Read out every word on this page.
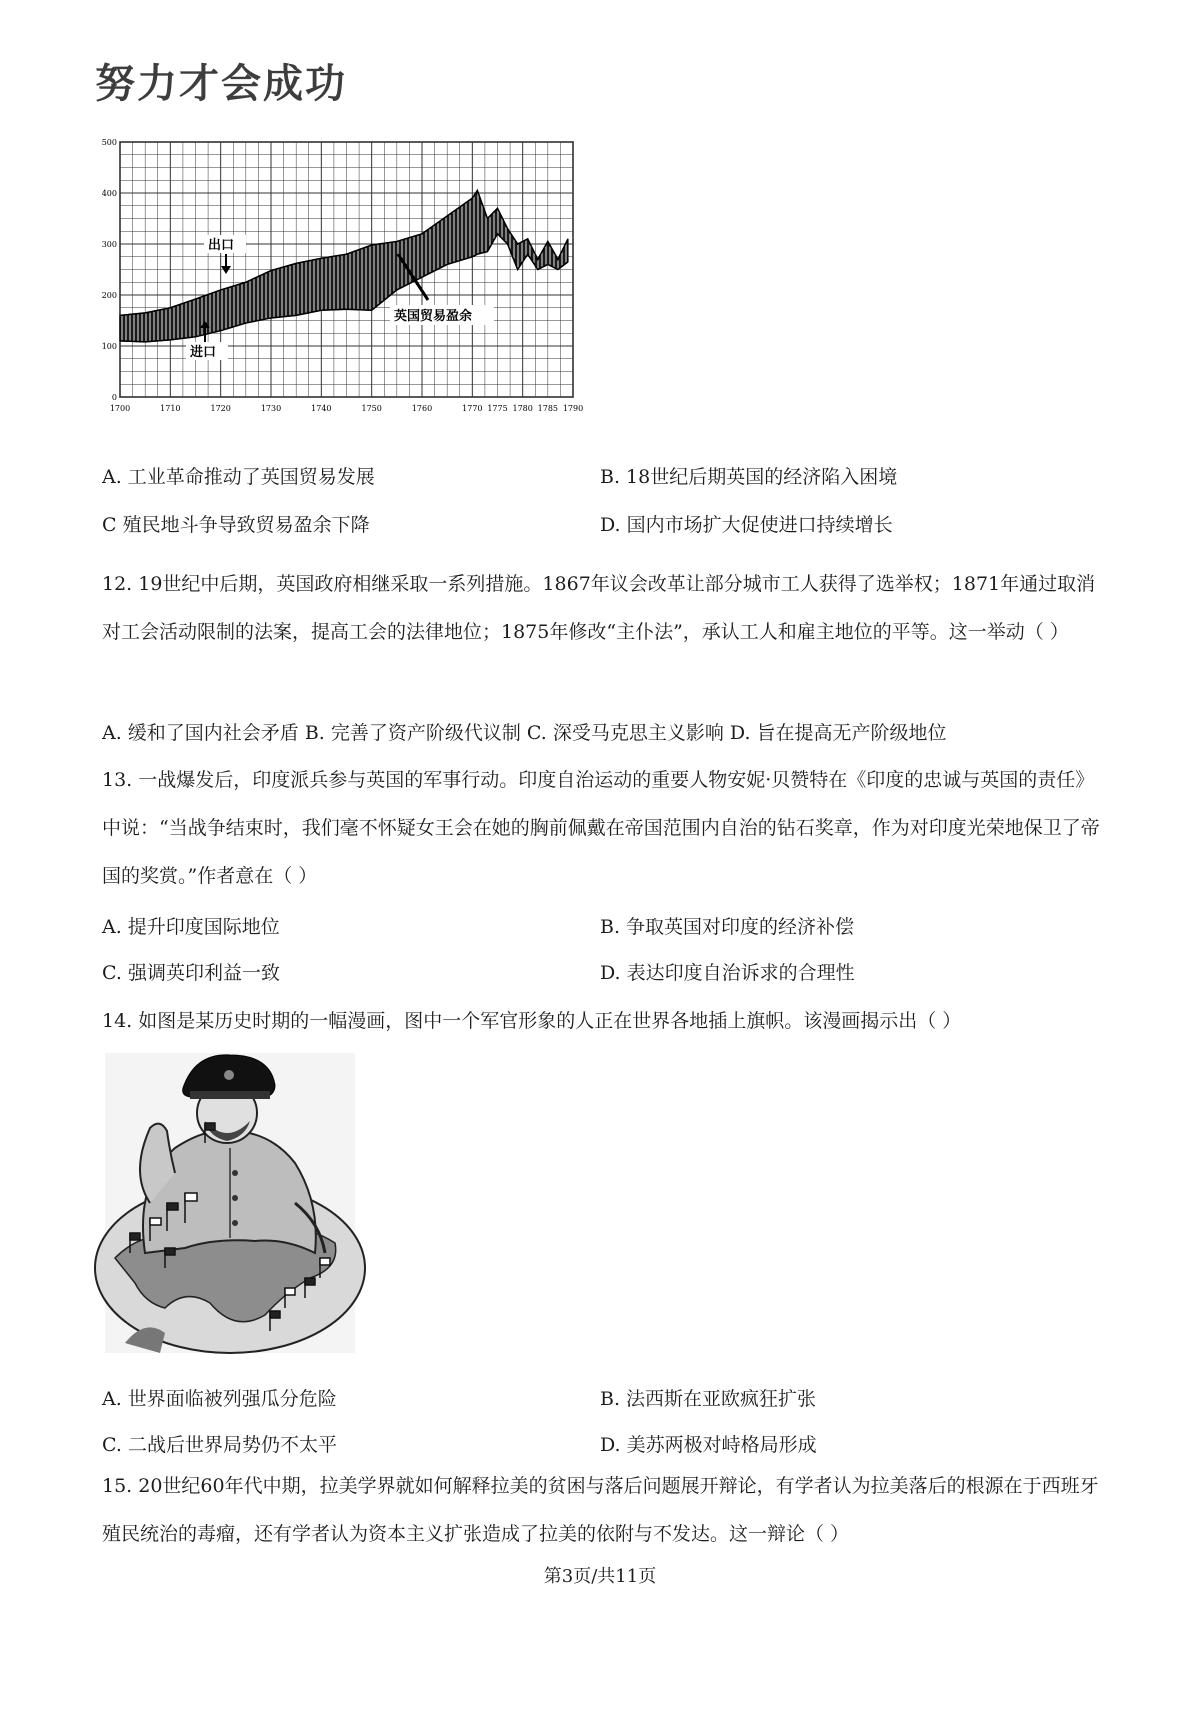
努力才会成功
0
100
200
300
400
500
1700	1710	1720	1730	1740	1750	1760	1770 1775 1780 1785 1790
出口
进口
英国贸易盈余
A. 工业革命推动了英国贸易发展	B. 18世纪后期英国的经济陷入困境
C 殖民地斗争导致贸易盈余下降	D. 国内市场扩大促使进口持续增长
12. 19世纪中后期，英国政府相继采取一系列措施。1867年议会改革让部分城市工人获得了选举权；1871年通过取消对工会活动限制的法案，提高工会的法律地位；1875年修改“主仆法”，承认工人和雇主地位的平等。这一举动（ ）
A. 缓和了国内社会矛盾 B. 完善了资产阶级代议制 C. 深受马克思主义影响 D. 旨在提高无产阶级地位
13. 一战爆发后，印度派兵参与英国的军事行动。印度自治运动的重要人物安妮·贝赞特在《印度的忠诚与英国的责任》中说：“当战争结束时，我们毫不怀疑女王会在她的胸前佩戴在帝国范围内自治的钻石奖章，作为对印度光荣地保卫了帝国的奖赏。”作者意在（ ）
A. 提升印度国际地位	B. 争取英国对印度的经济补偿
C. 强调英印利益一致	D. 表达印度自治诉求的合理性
14. 如图是某历史时期的一幅漫画，图中一个军官形象的人正在世界各地插上旗帜。该漫画揭示出（ ）
A. 世界面临被列强瓜分危险	B. 法西斯在亚欧疯狂扩张
C. 二战后世界局势仍不太平	D. 美苏两极对峙格局形成
15. 20世纪60年代中期，拉美学界就如何解释拉美的贫困与落后问题展开辩论，有学者认为拉美落后的根源在于西班牙殖民统治的毒瘤，还有学者认为资本主义扩张造成了拉美的依附与不发达。这一辩论（ ）
第3页/共11页
